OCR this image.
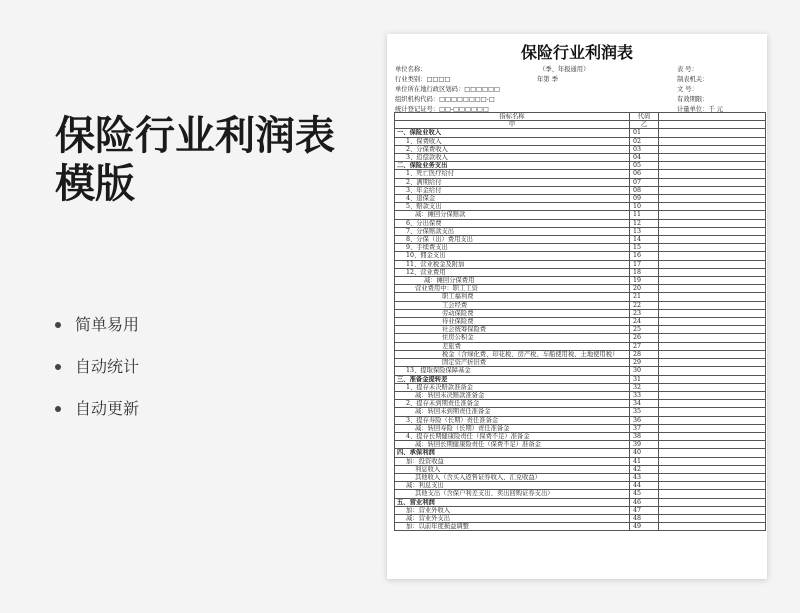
保险行业利润表
模版
简单易用
自动统计
自动更新
保险行业利润表
单位名称：
行业类别：□□□□
单位所在地行政区划码：□□□□□□
组织机构代码：□□□□□□□□-□
统计登记证号：□□-□□□□□□
（季、年报通用）
年第 季
表 号：
制表机关：
文 号：
有效期限：
计量单位：千 元
指标名称	代码	
甲	乙	
一、保险业收入	01	
1、保费收入	02	
2、分保费收入	03	
3、追偿款收入	04	
二、保险业务支出	05	
1、死亡医疗给付	06	
2、满期给付	07	
3、年金给付	08	
4、退保金	09	
5、赔款支出	10	
减：摊回分保赔款	11	
6、分出保费	12	
7、分保赔款支出	13	
8、分保（出）费用支出	14	
9、手续费支出	15	
10、佣金支出	16	
11、营业税金及附加	17	
12、营业费用	18	
减：摊回分保费用	19	
营业费用中：职工工资	20	
职工福利费	21	
工会经费	22	
劳动保险费	23	
待业保险费	24	
社会统筹保险费	25	
住房公积金	26	
差旅费	27	
税金（含绿化费、印花税、房产税、车船使用税、土地使用税）	28	
固定资产折旧费	29	
13、提取保险保障基金	30	
三、准备金提转差	31	
1、提存未决赔款准备金	32	
减：转回未决赔款准备金	33	
2、提存未到期责任准备金	34	
减：转回未到期责任准备金	35	
3、提存寿险（长期）责任准备金	36	
减：转回寿险（长期）责任准备金	37	
4、提存长期健康险责任（保费不足）准备金	38	
减：转回长期健康险责任（保费不足）准备金	39	
四、承保利润	40	
加：投资收益	41	
利息收入	42	
其他收入（含买入返售证券收入、汇兑收益）	43	
减：利息支出	44	
其他支出（含保户利差支出、卖出回购证券支出）	45	
五、营业利润	46	
加：营业外收入	47	
减：营业外支出	48	
加：以前年度损益调整	49	
